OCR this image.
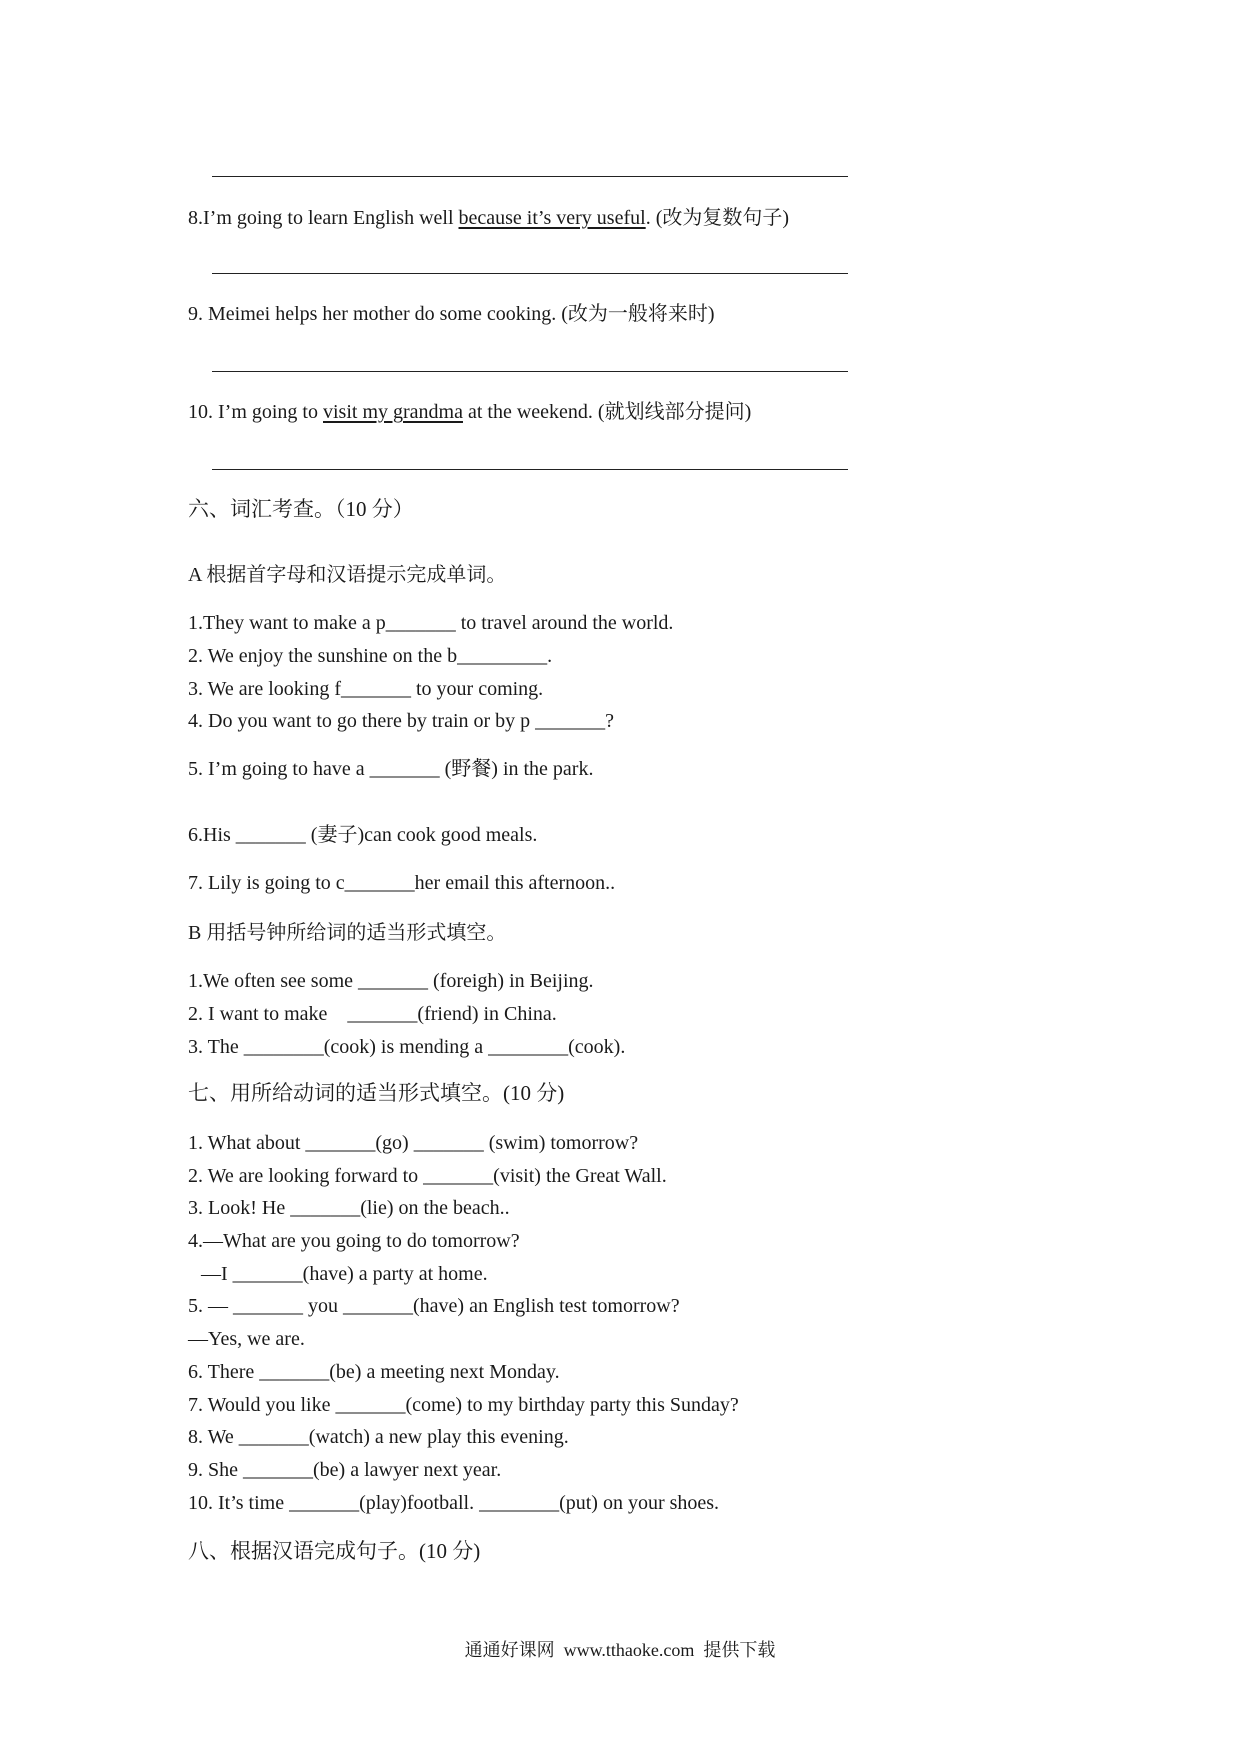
8.I’m going to learn English well because it’s very useful. (改为复数句子)
9. Meimei helps her mother do some cooking. (改为一般将来时)
10. I’m going to visit my grandma at the weekend. (就划线部分提问)
六、词汇考查。（10 分）
A 根据首字母和汉语提示完成单词。
1.They want to make a p_______ to travel around the world.
2. We enjoy the sunshine on the b_________.
3. We are looking f_______ to your coming.
4. Do you want to go there by train or by p _______?
5. I’m going to have a _______ (野餐) in the park.
6.His _______ (妻子)can cook good meals.
7. Lily is going to c_______her email this afternoon..
B 用括号钟所给词的适当形式填空。
1.We often see some _______ (foreigh) in Beijing.
2. I want to make    _______(friend) in China.
3. The ________(cook) is mending a ________(cook).
七、用所给动词的适当形式填空。(10 分)
1. What about _______(go) _______ (swim) tomorrow?
2. We are looking forward to _______(visit) the Great Wall.
3. Look! He _______(lie) on the beach..
4.—What are you going to do tomorrow?
—I _______(have) a party at home.
5. — _______ you _______(have) an English test tomorrow?
—Yes, we are.
6. There _______(be) a meeting next Monday.
7. Would you like _______(come) to my birthday party this Sunday?
8. We _______(watch) a new play this evening.
9. She _______(be) a lawyer next year.
10. It’s time _______(play)football. ________(put) on your shoes.
八、根据汉语完成句子。(10 分)
通通好课网  www.tthaoke.com  提供下载
